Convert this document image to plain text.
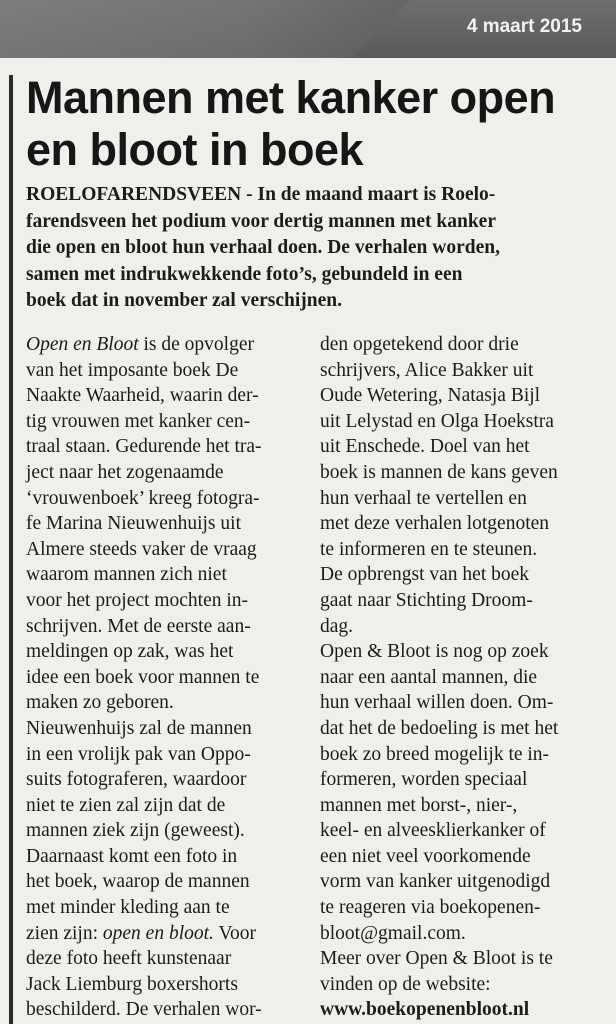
4 maart 2015
Mannen met kanker open
en bloot in boek
ROELOFARENDSVEEN - In de maand maart is Roelo-
farendsveen het podium voor dertig mannen met kanker
die open en bloot hun verhaal doen. De verhalen worden,
samen met indrukwekkende foto’s, gebundeld in een
boek dat in november zal verschijnen.

Open en Bloot is de opvolger
van het imposante boek De
Naakte Waarheid, waarin der-
tig vrouwen met kanker cen-
traal staan. Gedurende het tra-
ject naar het zogenaamde
‘vrouwenboek’ kreeg fotogra-
fe Marina Nieuwenhuijs uit
Almere steeds vaker de vraag
waarom mannen zich niet
voor het project mochten in-
schrijven. Met de eerste aan-
meldingen op zak, was het
idee een boek voor mannen te
maken zo geboren.
Nieuwenhuijs zal de mannen
in een vrolijk pak van Oppo-
suits fotograferen, waardoor
niet te zien zal zijn dat de
mannen ziek zijn (geweest).
Daarnaast komt een foto in
het boek, waarop de mannen
met minder kleding aan te
zien zijn: open en bloot. Voor
deze foto heeft kunstenaar
Jack Liemburg boxershorts
beschilderd. De verhalen wor-

den opgetekend door drie
schrijvers, Alice Bakker uit
Oude Wetering, Natasja Bijl
uit Lelystad en Olga Hoekstra
uit Enschede. Doel van het
boek is mannen de kans geven
hun verhaal te vertellen en
met deze verhalen lotgenoten
te informeren en te steunen.
De opbrengst van het boek
gaat naar Stichting Droom-
dag.
Open & Bloot is nog op zoek
naar een aantal mannen, die
hun verhaal willen doen. Om-
dat het de bedoeling is met het
boek zo breed mogelijk te in-
formeren, worden speciaal
mannen met borst-, nier-,
keel- en alveesklierkanker of
een niet veel voorkomende
vorm van kanker uitgenodigd
te reageren via boekopenen-
bloot@gmail.com.
Meer over Open & Bloot is te
vinden op de website:
www.boekopenenbloot.nl
